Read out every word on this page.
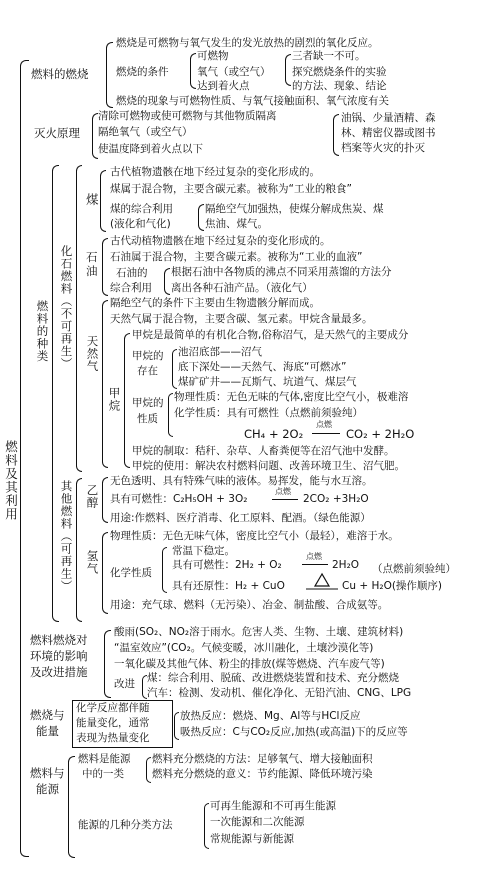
燃料及其利用
燃料的燃烧
燃烧是可燃物与氧气发生的发光放热的剧烈的氧化反应。
燃烧的条件
可燃物
氧气（或空气）
达到着火点
三者缺一不可。
探究燃烧条件的实验
的方法、现象、结论
燃烧的现象与可燃物性质、与氧气接触面积、氧气浓度有关
灭火原理
清除可燃物或使可燃物与其他物质隔离
隔绝氧气（或空气）
使温度降到着火点以下
油锅、少量酒精、森
林、精密仪器或图书
档案等火灾的扑灭
燃料的种类 化石燃料（不可再生）
其他燃料（可再生）
煤
古代植物遗骸在地下经过复杂的变化形成的。
煤属于混合物，主要含碳元素。被称为“工业的粮食”
煤的综合利用
(液化和气化)
隔绝空气加强热，使煤分解成焦炭、煤
焦油、煤气。
石
油
古代动植物遗骸在地下经过复杂的变化形成的。
石油属于混合物，主要含碳元素。被称为“工业的血液”
石油的
综合利用
根据石油中各物质的沸点不同采用蒸馏的方法分
离出各种石油产品。（液化气）
天然气
隔绝空气的条件下主要由生物遗骸分解而成。
天然气属于混合物，主要含碳、氢元素。甲烷含量最多。
甲烷
甲烷是最简单的有机化合物,俗称沼气，是天然气的主要成分
甲烷的
存在
池沼底部——沼气
底下深处——天然气、海底“可燃冰”
煤矿矿井——瓦斯气、坑道气、煤层气
甲烷的
性质
物理性质：无色无味的气体,密度比空气小，极难溶
化学性质：具有可燃性（点燃前须验纯）
CH₄ + 2O₂
点燃
CO₂ + 2H₂O
甲烷的制取：秸秆、杂草、人畜粪便等在沼气池中发酵。
甲烷的使用：解决农村燃料问题、改善环境卫生、沼气肥。
乙醇
无色透明、具有特殊气味的液体。易挥发，能与水互溶。
具有可燃性：C₂H₅OH + 3O₂
点燃
2CO₂ +3H₂O
用途:作燃料、医疗消毒、化工原料、配酒。（绿色能源）
氢气
物理性质：无色无味气体，密度比空气小（最轻），难溶于水。
化学性质
常温下稳定。
具有可燃性：2H₂ + O₂
点燃
2H₂O （点燃前须验纯）
具有还原性：H₂ + CuO	Cu + H₂O(操作顺序)
用途：充气球、燃料（无污染）、冶金、制盐酸、合成氨等。
燃料燃烧对
环境的影响
及改进措施
酸雨(SO₂、NO₂溶于雨水。危害人类、生物、土壤、建筑材料)
“温室效应”(CO₂。气候变暖，冰川融化，土壤沙漠化等)
一氧化碳及其他气体、粉尘的排放(煤等燃烧、汽车废气等)
改进 煤：综合利用、脱硫、改进燃烧装置和技术、充分燃烧
汽车：检测、发动机、催化净化、无铅汽油、CNG、LPG
燃烧与
能量
化学反应都伴随
能量变化，通常
表现为热量变化
放热反应：燃烧、Mg、Al等与HCl反应
吸热反应：C与CO₂反应,加热(或高温)下的反应等
燃料与
能源
燃料是能源
中的一类
燃料充分燃烧的方法：足够氧气、增大接触面积
燃料充分燃烧的意义：节约能源、降低环境污染
能源的几种分类方法
可再生能源和不可再生能源
一次能源和二次能源
常规能源与新能源
